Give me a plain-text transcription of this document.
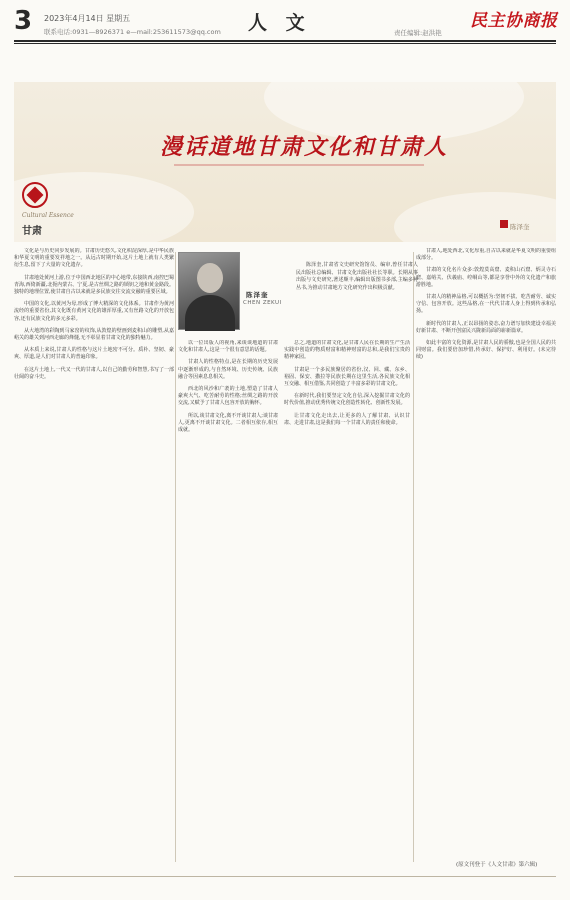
3 2023年4月14日 星期五
联系电话:0931—8926371 e—mail:253611573@qq.com 人 文	责任编辑:赵洪艳
民主协商报
漫话道地甘肃文化和甘肃人
Cultural Essence
甘肃	陈泽奎

文化是与历史同步发展的。甘肃历史悠久,文化积淀深厚,是中华民族和华夏文明的重要发祥地之一。从远古时期开始,这片土地上就有人类繁衍生息,留下了大量的文化遗存。

甘肃地处黄河上游,位于中国西北地区的中心地带,东接陕西,南控巴蜀青海,西倚新疆,北扼内蒙古、宁夏,是古丝绸之路的锁钥之地和黄金路段。独特的地理位置,使甘肃自古以来就是多民族交往交流交融的重要区域。

中国的文化,以黄河为母,形成了博大精深的文化体系。甘肃作为黄河流经的重要省份,其文化既有黄河文化的雄浑厚重,又有丝路文化的开放包容,还有民族文化的多元多彩。

从大地湾的彩陶到马家窑的纹饰,从敦煌的壁画到麦积山的雕塑,从嘉峪关的雄关到河西走廊的烽燧,无不彰显着甘肃文化的独特魅力。

从本质上来说,甘肃人的性格与这片土地密不可分。质朴、坚韧、豪爽、厚道,是人们对甘肃人的普遍印象。

在这片土地上,一代又一代的甘肃人,以自己的勤劳和智慧,书写了一部壮阔的奋斗史。

陈泽奎
CHEN ZEKUI
陈泽奎,甘肃省文史研究馆馆员、编审,曾任甘肃人民出版社总编辑、甘肃文化出版社社长等职。长期从事出版与文史研究,著述颇丰,编辑出版图书多部,主编多种丛书,为推动甘肃地方文化研究作出积极贡献。

以一位出版人的视角,来谈谈地道的甘肃文化和甘肃人,这是一个很有意思的话题。

甘肃人的性格特点,是在长期的历史发展中逐渐形成的,与自然环境、历史传统、民族融合等因素息息相关。

西北的风沙和广袤的土地,塑造了甘肃人豪爽大气、吃苦耐劳的性格;丝绸之路的开放交流,又赋予了甘肃人包容开放的胸怀。

所以,谈甘肃文化,离不开谈甘肃人;谈甘肃人,更离不开谈甘肃文化。二者相互依存,相互成就。

总之,地道的甘肃文化,是甘肃人民在长期的生产生活实践中创造的物质财富和精神财富的总和,是我们宝贵的精神家园。

甘肃是一个多民族聚居的省份,汉、回、藏、东乡、裕固、保安、撒拉等民族长期在这里生活,各民族文化相互交融、相互借鉴,共同创造了丰富多彩的甘肃文化。

在新时代,我们要坚定文化自信,深入挖掘甘肃文化的时代价值,推动优秀传统文化创造性转化、创新性发展。

让甘肃文化走出去,让更多的人了解甘肃、认识甘肃、走进甘肃,这是我们每一个甘肃人的责任和使命。

甘肃人,地处西北,文化厚重,自古以来就是华夏文明的重要组成部分。

甘肃的文化名片众多:敦煌莫高窟、麦积山石窟、炳灵寺石窟、嘉峪关、伏羲庙、崆峒山等,都是享誉中外的文化遗产和旅游胜地。

甘肃人的精神品格,可以概括为:坚韧不拔、吃苦耐劳、诚实守信、包容开放。这些品格,在一代代甘肃人身上得到传承和弘扬。

新时代的甘肃人,正以昂扬的姿态,奋力谱写加快建设幸福美好新甘肃、不断开创富民兴陇新局面的崭新篇章。

如此丰富的文化资源,是甘肃人民的骄傲,也是全国人民的共同财富。我们要倍加珍惜,传承好、保护好、利用好。(未完待续)

(原文刊登于《人文甘肃》第六辑)
